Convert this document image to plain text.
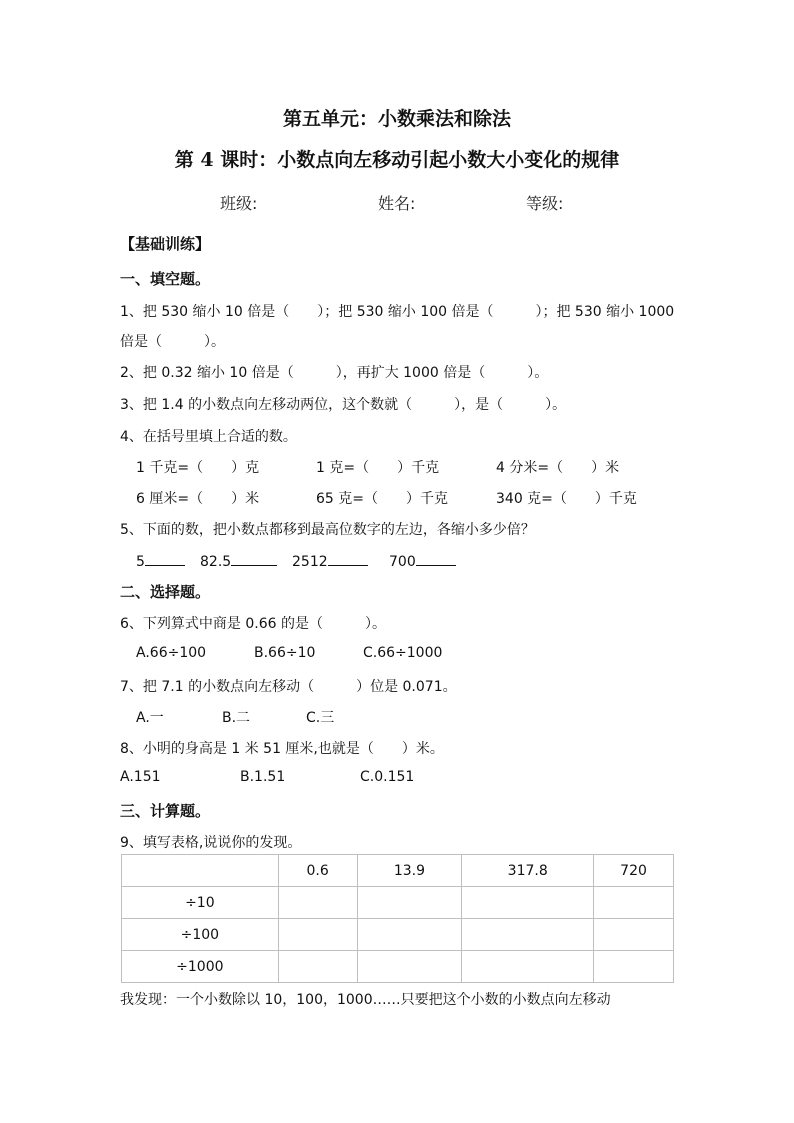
第五单元：小数乘法和除法
第 4 课时：小数点向左移动引起小数大小变化的规律
班级:	姓名:	等级:
【基础训练】
一、填空题。
1、把 530 缩小 10 倍是（　　）；把 530 缩小 100 倍是（　　　）；把 530 缩小 1000
倍是（　　　）。
2、把 0.32 缩小 10 倍是（　　　），再扩大 1000 倍是（　　　）。
3、把 1.4 的小数点向左移动两位，这个数就（　　　），是（　　　）。
4、在括号里填上合适的数。
1 千克=（　　）克	1 克=（　　）千克	4 分米=（　　）米
6 厘米=（　　）米	65 克=（　　）千克	340 克=（　　）千克
5、下面的数，把小数点都移到最高位数字的左边，各缩小多少倍？
5	82.5	2512	700
二、选择题。
6、下列算式中商是 0.66 的是（　　　）。
A.66÷100	B.66÷10	C.66÷1000
7、把 7.1 的小数点向左移动（　　　）位是 0.071。
A.一	B.二	C.三
8、小明的身高是 1 米 51 厘米,也就是（　　）米。
A.151	B.1.51	C.0.151
三、计算题。
9、填写表格,说说你的发现。
	0.6	13.9	317.8	720
÷10				
÷100				
÷1000				
我发现：一个小数除以 10，100，1000……只要把这个小数的小数点向左移动
